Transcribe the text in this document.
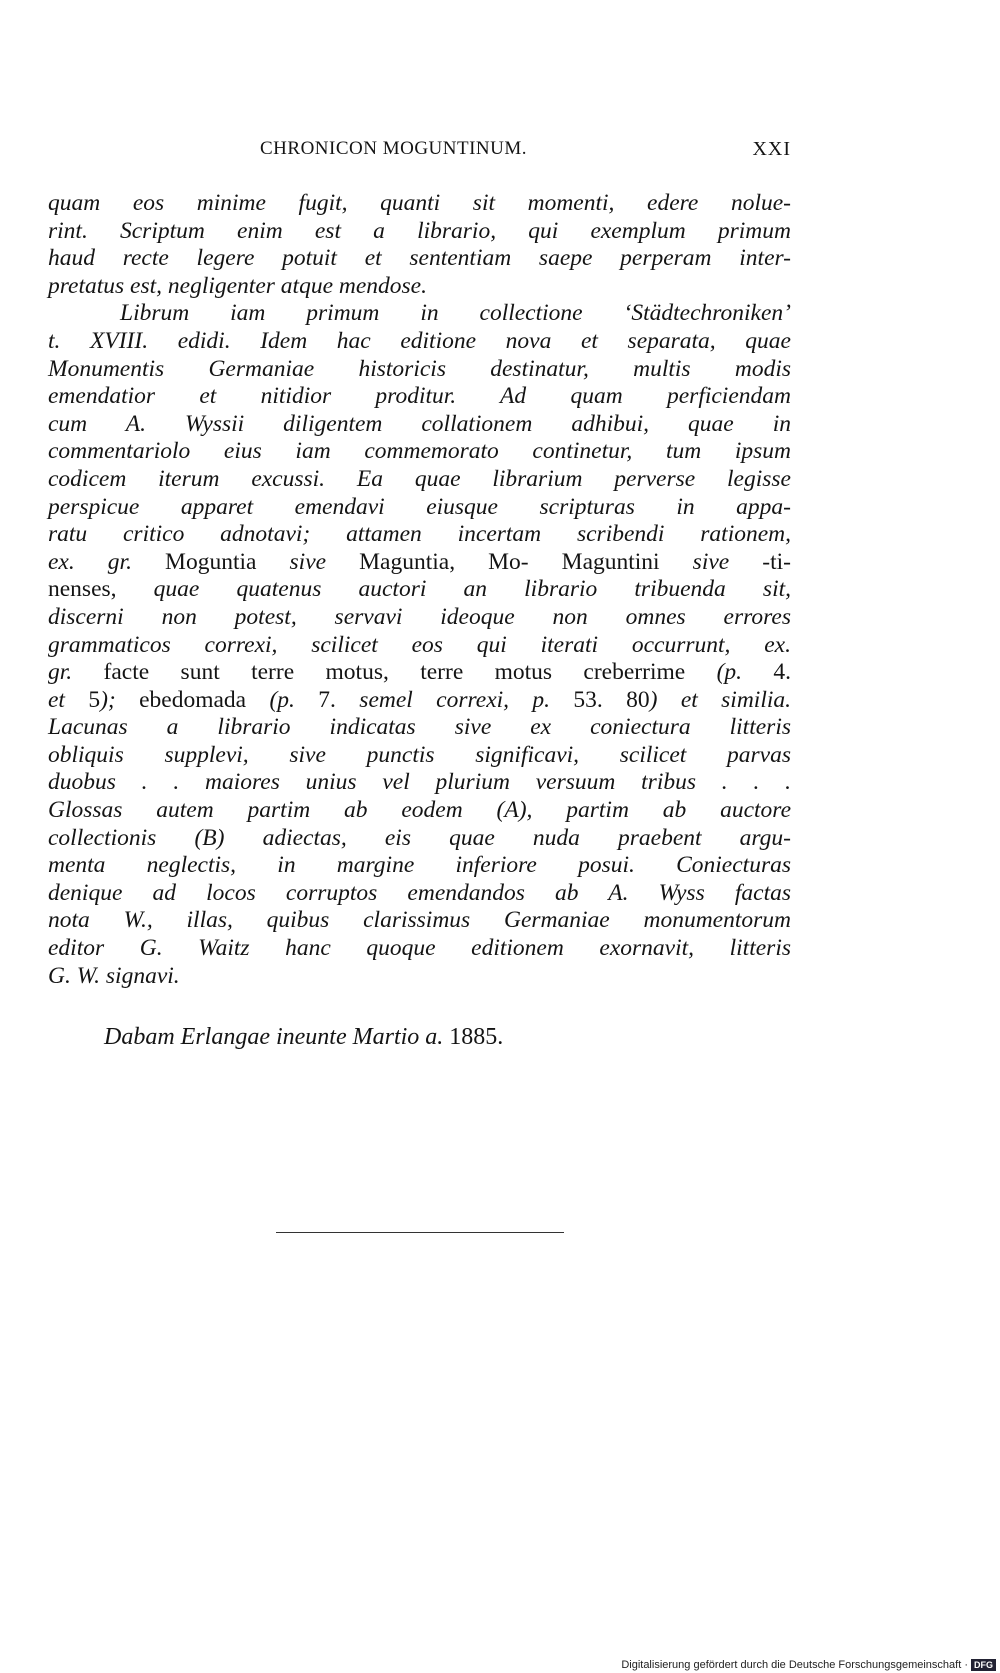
CHRONICON MOGUNTINUM.	XXI
quam eos minime fugit, quanti sit momenti, edere nolue-
rint. Scriptum enim est a librario, qui exemplum primum
haud recte legere potuit et sententiam saepe perperam inter-
pretatus est, negligenter atque mendose.
Librum iam primum in collectione ‘Städtechroniken’
t. XVIII. edidi. Idem hac editione nova et separata, quae
Monumentis Germaniae historicis destinatur, multis modis
emendatior et nitidior proditur. Ad quam perficiendam
cum A. Wyssii diligentem collationem adhibui, quae in
commentariolo eius iam commemorato continetur, tum ipsum
codicem iterum excussi. Ea quae librarium perverse legisse
perspicue apparet emendavi eiusque scripturas in appa-
ratu critico adnotavi; attamen incertam scribendi rationem,
ex. gr. Moguntia sive Maguntia, Mo- Maguntini sive -ti-
nenses, quae quatenus auctori an librario tribuenda sit,
discerni non potest, servavi ideoque non omnes errores
grammaticos correxi, scilicet eos qui iterati occurrunt, ex.
gr. facte sunt terre motus, terre motus creberrime (p. 4.
et 5); ebedomada (p. 7. semel correxi, p. 53. 80) et similia.
Lacunas a librario indicatas sive ex coniectura litteris
obliquis supplevi, sive punctis significavi, scilicet parvas
duobus . . maiores unius vel plurium versuum tribus . . .
Glossas autem partim ab eodem (A), partim ab auctore
collectionis (B) adiectas, eis quae nuda praebent argu-
menta neglectis, in margine inferiore posui. Coniecturas
denique ad locos corruptos emendandos ab A. Wyss factas
nota W., illas, quibus clarissimus Germaniae monumentorum
editor G. Waitz hanc quoque editionem exornavit, litteris
G. W. signavi.
Dabam Erlangae ineunte Martio a. 1885.
Digitalisierung gefördert durch die Deutsche Forschungsgemeinschaft · DFG
